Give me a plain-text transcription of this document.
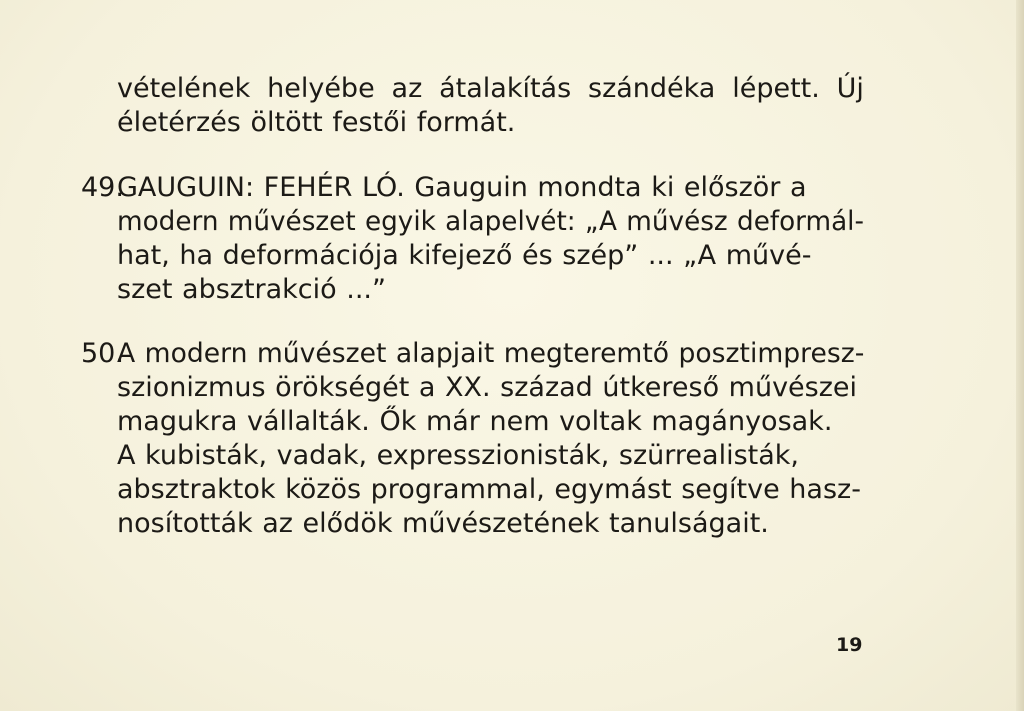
vételének helyébe az átalakítás szándéka lépett. Új

életérzés öltött festői formát.

49.

GAUGUIN: FEHÉR LÓ. Gauguin mondta ki először a

modern művészet egyik alapelvét: „A művész deformál-

hat, ha deformációja kifejező és szép” ... „A művé-

szet absztrakció ...”

50.

A modern művészet alapjait megteremtő posztimpresz-

szionizmus örökségét a XX. század útkereső művészei

magukra vállalták. Ők már nem voltak magányosak.

A kubisták, vadak, expresszionisták, szürrealisták,

absztraktok közös programmal, egymást segítve hasz-

nosították az elődök művészetének tanulságait.

19
